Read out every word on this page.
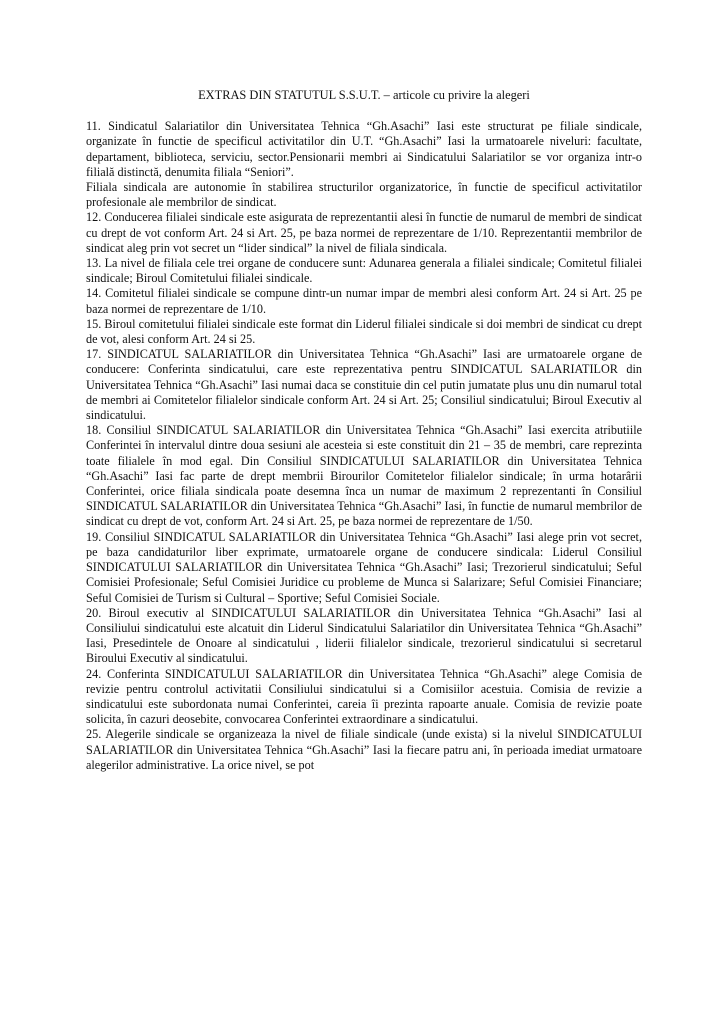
EXTRAS DIN STATUTUL S.S.U.T. – articole cu privire la alegeri

11. Sindicatul Salariatilor din Universitatea Tehnica “Gh.Asachi” Iasi este structurat pe filiale sindicale, organizate în functie de specificul activitatilor din U.T. “Gh.Asachi” Iasi la urmatoarele niveluri: facultate, departament, biblioteca, serviciu, sector.Pensionarii membri ai Sindicatului Salariatilor se vor organiza intr-o filială distinctă, denumita filiala “Seniori”.

Filiala sindicala are autonomie în stabilirea structurilor organizatorice, în functie de specificul activitatilor profesionale ale membrilor de sindicat.

12. Conducerea filialei sindicale este asigurata de reprezentantii alesi în functie de numarul de membri de sindicat cu drept de vot conform Art. 24 si Art. 25, pe baza normei de reprezentare de 1/10. Reprezentantii membrilor de sindicat aleg prin vot secret un “lider sindical” la nivel de filiala sindicala.

13. La nivel de filiala cele trei organe de conducere sunt: Adunarea generala a filialei sindicale; Comitetul filialei sindicale; Biroul Comitetului filialei sindicale.

14. Comitetul filialei sindicale se compune dintr-un numar impar de membri alesi conform Art. 24 si Art. 25 pe baza normei de reprezentare de 1/10.

15. Biroul comitetului filialei sindicale este format din Liderul filialei sindicale si doi membri de sindicat cu drept de vot, alesi conform Art. 24 si 25.

17. SINDICATUL SALARIATILOR din Universitatea Tehnica “Gh.Asachi” Iasi are urmatoarele organe de conducere: Conferinta sindicatului, care este reprezentativa pentru SINDICATUL SALARIATILOR din Universitatea Tehnica “Gh.Asachi” Iasi numai daca se constituie din cel putin jumatate plus unu din numarul total de membri ai Comitetelor filialelor sindicale conform Art. 24 si Art. 25; Consiliul sindicatului; Biroul Executiv al sindicatului.

18. Consiliul SINDICATUL SALARIATILOR din Universitatea Tehnica “Gh.Asachi” Iasi exercita atributiile Conferintei în intervalul dintre doua sesiuni ale acesteia si este constituit din 21 – 35 de membri, care reprezinta toate filialele în mod egal. Din Consiliul SINDICATULUI SALARIATILOR din Universitatea Tehnica “Gh.Asachi” Iasi fac parte de drept membrii Birourilor Comitetelor filialelor sindicale; în urma hotarârii Conferintei, orice filiala sindicala poate desemna înca un numar de maximum 2 reprezentanti în Consiliul SINDICATUL SALARIATILOR din Universitatea Tehnica “Gh.Asachi” Iasi, în functie de numarul membrilor de sindicat cu drept de vot, conform Art. 24 si Art. 25, pe baza normei de reprezentare de 1/50.

19. Consiliul SINDICATUL SALARIATILOR din Universitatea Tehnica “Gh.Asachi” Iasi alege prin vot secret, pe baza candidaturilor liber exprimate, urmatoarele organe de conducere sindicala: Liderul Consiliul SINDICATULUI SALARIATILOR din Universitatea Tehnica “Gh.Asachi” Iasi; Trezorierul sindicatului; Seful Comisiei Profesionale; Seful Comisiei Juridice cu probleme de Munca si Salarizare; Seful Comisiei Financiare; Seful Comisiei de Turism si Cultural – Sportive; Seful Comisiei Sociale.

20. Biroul executiv al SINDICATULUI SALARIATILOR din Universitatea Tehnica “Gh.Asachi” Iasi al Consiliului sindicatului este alcatuit din Liderul Sindicatului Salariatilor din Universitatea Tehnica “Gh.Asachi” Iasi, Presedintele de Onoare al sindicatului , liderii filialelor sindicale, trezorierul sindicatului si secretarul Biroului Executiv al sindicatului.

24. Conferinta SINDICATULUI SALARIATILOR din Universitatea Tehnica “Gh.Asachi” alege Comisia de revizie pentru controlul activitatii Consiliului sindicatului si a Comisiilor acestuia. Comisia de revizie a sindicatului este subordonata numai Conferintei, careia îi prezinta rapoarte anuale. Comisia de revizie poate solicita, în cazuri deosebite, convocarea Conferintei extraordinare a sindicatului.

25. Alegerile sindicale se organizeaza la nivel de filiale sindicale (unde exista) si la nivelul SINDICATULUI SALARIATILOR din Universitatea Tehnica “Gh.Asachi” Iasi la fiecare patru ani, în perioada imediat urmatoare alegerilor administrative. La orice nivel, se pot
